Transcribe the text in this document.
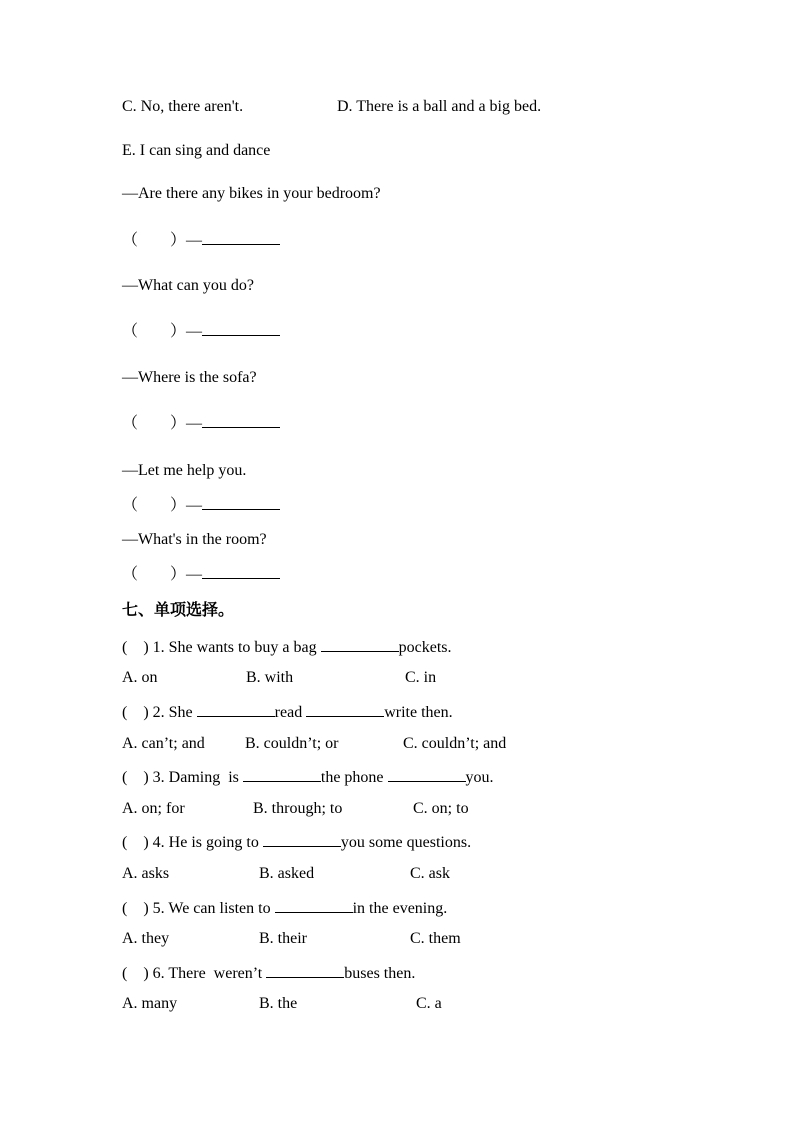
C. No, there aren't.	D. There is a ball and a big bed.
E. I can sing and dance
—Are there any bikes in your bedroom?
（　　）—
—What can you do?
（　　）—
—Where is the sofa?
（　　）—
—Let me help you.
（　　）—
—What's in the room?
（　　）—
七、单项选择。
(    ) 1. She wants to buy a bag	pockets.
A. on	B. with	C. in
(    ) 2. She	read	write then.
A. can’t; and	B. couldn’t; or	C. couldn’t; and
(    ) 3. Daming  is	the phone	you.
A. on; for	B. through; to	C. on; to
(    ) 4. He is going to	you some questions.
A. asks	B. asked	C. ask
(    ) 5. We can listen to	in the evening.
A. they	B. their	C. them
(    ) 6. There  weren’t	buses then.
A. many	B. the	C. a
